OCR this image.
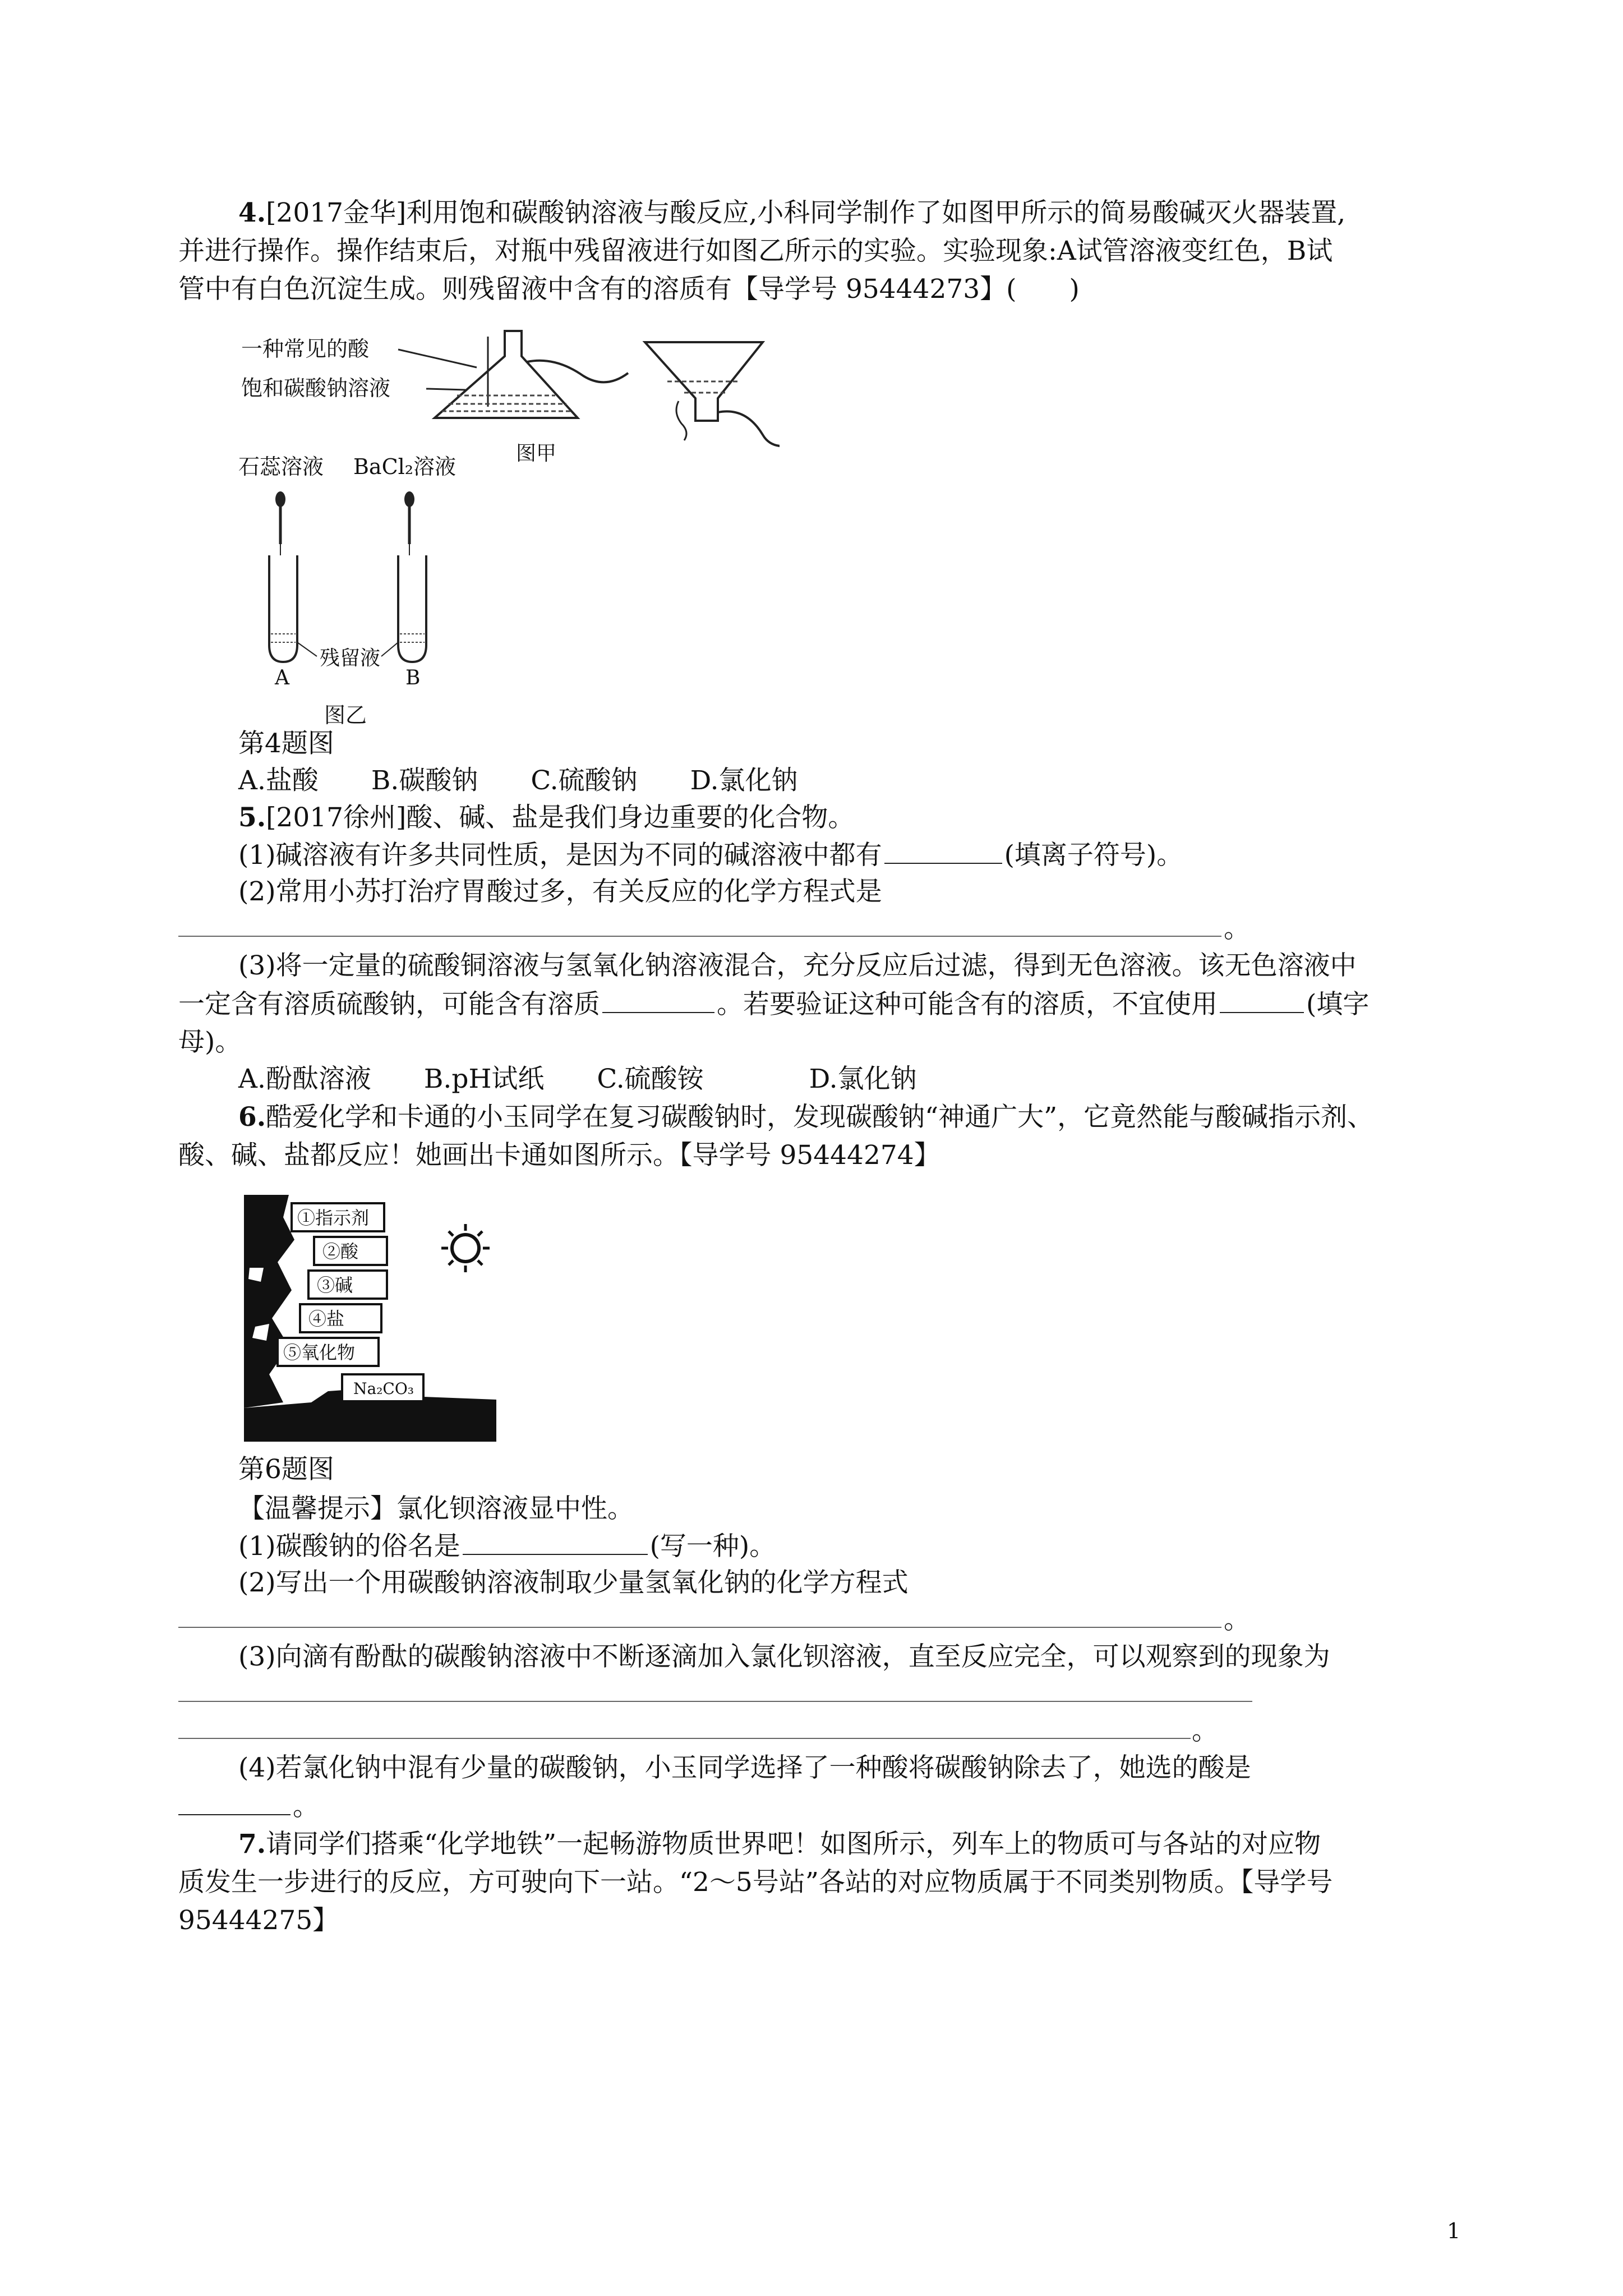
4.[2017金华]利用饱和碳酸钠溶液与酸反应,小科同学制作了如图甲所示的简易酸碱灭火器装置,
并进行操作。操作结束后，对瓶中残留液进行如图乙所示的实验。实验现象:A试管溶液变红色，B试
管中有白色沉淀生成。则残留液中含有的溶质有【导学号 95444273】(　　)
一种常见的酸
饱和碳酸钠溶液
图甲
石蕊溶液 BaCl₂溶液
残留液
A	B
图乙
第4题图
A.盐酸　　B.碳酸钠　　C.硫酸钠　　D.氯化钠
5.[2017徐州]酸、碱、盐是我们身边重要的化合物。
(1)碱溶液有许多共同性质，是因为不同的碱溶液中都有	(填离子符号)。
(2)常用小苏打治疗胃酸过多，有关反应的化学方程式是
。
(3)将一定量的硫酸铜溶液与氢氧化钠溶液混合，充分反应后过滤，得到无色溶液。该无色溶液中
一定含有溶质硫酸钠，可能含有溶质	。若要验证这种可能含有的溶质，不宜使用	(填字
母)。
A.酚酞溶液　　B.pH试纸　　C.硫酸铵　　　　D.氯化钠
6.酷爱化学和卡通的小玉同学在复习碳酸钠时，发现碳酸钠“神通广大”，它竟然能与酸碱指示剂、
酸、碱、盐都反应！她画出卡通如图所示。【导学号 95444274】
①指示剂
②酸
③碱
④盐
⑤氧化物
Na₂CO₃
第6题图
【温馨提示】氯化钡溶液显中性。
(1)碳酸钠的俗名是	(写一种)。
(2)写出一个用碳酸钠溶液制取少量氢氧化钠的化学方程式
。
(3)向滴有酚酞的碳酸钠溶液中不断逐滴加入氯化钡溶液，直至反应完全，可以观察到的现象为
。
(4)若氯化钠中混有少量的碳酸钠，小玉同学选择了一种酸将碳酸钠除去了，她选的酸是
。
7.请同学们搭乘“化学地铁”一起畅游物质世界吧！如图所示，列车上的物质可与各站的对应物
质发生一步进行的反应，方可驶向下一站。“2～5号站”各站的对应物质属于不同类别物质。【导学号
95444275】
1
